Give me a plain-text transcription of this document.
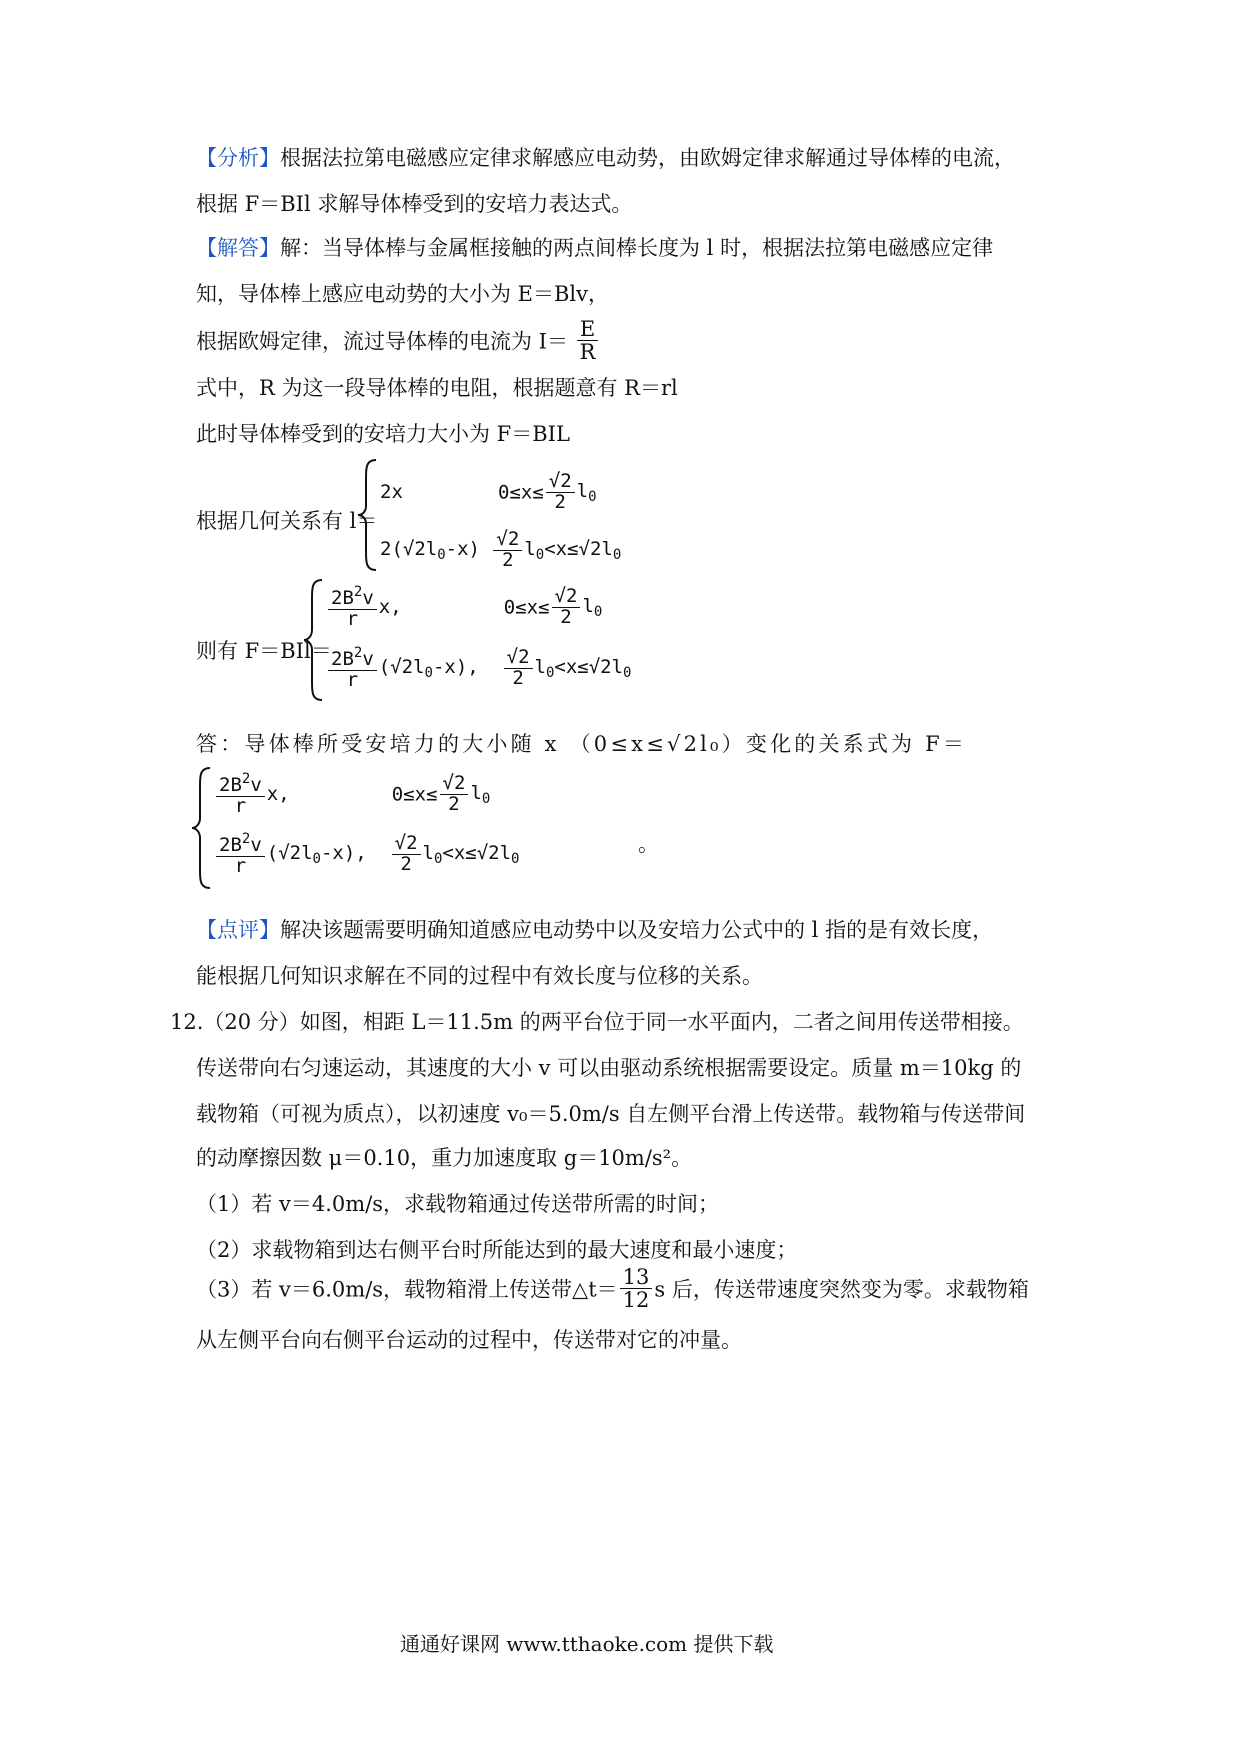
【分析】根据法拉第电磁感应定律求解感应电动势，由欧姆定律求解通过导体棒的电流，
根据 F＝BIl 求解导体棒受到的安培力表达式。
【解答】解：当导体棒与金属框接触的两点间棒长度为 l 时，根据法拉第电磁感应定律
知，导体棒上感应电动势的大小为 E＝Blv，
根据欧姆定律，流过导体棒的电流为 $I= \frac{E}{R}$
式中，R 为这一段导体棒的电阻，根据题意有 R＝rl
此时导体棒受到的安培力大小为 F＝BIL
根据几何关系有 l＝
2x	$0\le x\le \frac{√2}{2} l_0$
$2(√2l_0-x) \frac{√2}{2} l_0<x\le√2l_0$
则有 F＝BIl＝
$\frac{2B^2v}{r} x$,	$0\le x\le \frac{√2}{2} l_0$
$\frac{2B^2v}{r} (√2l_0-x)$, $\frac{√2}{2} l_0<x\le√2l_0$
答：导体棒所受安培力的大小随 x （0≤x≤√2l₀）变化的关系式为 F＝
$\frac{2B^2v}{r} x$,	$0\le x\le \frac{√2}{2} l_0$
$\frac{2B^2v}{r} (√2l_0-x)$, $\frac{√2}{2} l_0<x\le√2l_0$
。
【点评】解决该题需要明确知道感应电动势中以及安培力公式中的 l 指的是有效长度，
能根据几何知识求解在不同的过程中有效长度与位移的关系。
12.（20 分）如图，相距 L＝11.5m 的两平台位于同一水平面内，二者之间用传送带相接。
传送带向右匀速运动，其速度的大小 v 可以由驱动系统根据需要设定。质量 m＝10kg 的
载物箱（可视为质点），以初速度 v₀＝5.0m/s 自左侧平台滑上传送带。载物箱与传送带间
的动摩擦因数 μ＝0.10，重力加速度取 g＝10m/s²。
（1）若 v＝4.0m/s，求载物箱通过传送带所需的时间；
（2）求载物箱到达右侧平台时所能达到的最大速度和最小速度；
（3）若 v＝6.0m/s，载物箱滑上传送带△t＝ $\frac{13}{12}$ s 后，传送带速度突然变为零。求载物箱
从左侧平台向右侧平台运动的过程中，传送带对它的冲量。
通通好课网 www.tthaoke.com 提供下载
